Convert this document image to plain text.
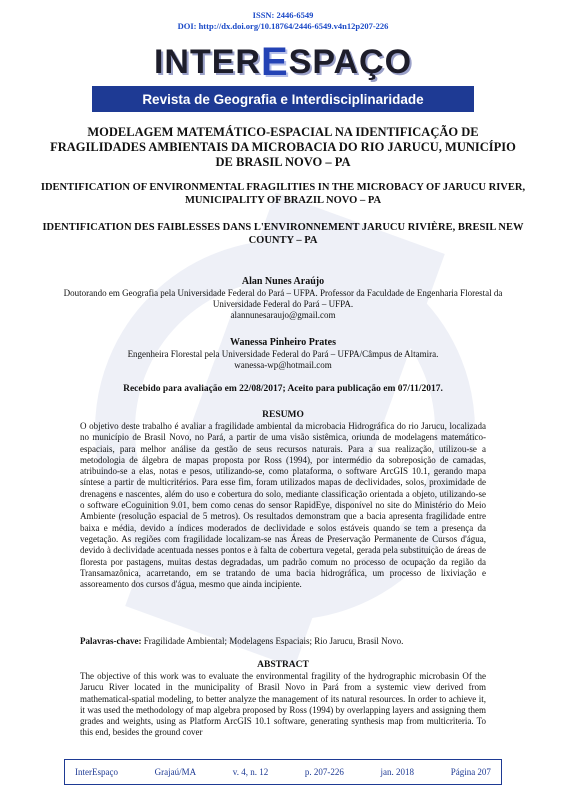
ISSN: 2446-6549
DOI: http://dx.doi.org/10.18764/2446-6549.v4n12p207-226
INTER E SPAÇO
Revista de Geografia e Interdisciplinaridade
MODELAGEM MATEMÁTICO-ESPACIAL NA IDENTIFICAÇÃO DE FRAGILIDADES AMBIENTAIS DA MICROBACIA DO RIO JARUCU, MUNICÍPIO DE BRASIL NOVO – PA
IDENTIFICATION OF ENVIRONMENTAL FRAGILITIES IN THE MICROBACY OF JARUCU RIVER, MUNICIPALITY OF BRAZIL NOVO – PA
IDENTIFICATION DES FAIBLESSES DANS L'ENVIRONNEMENT JARUCU RIVIÈRE, BRESIL NEW COUNTY – PA
Alan Nunes Araújo
Doutorando em Geografia pela Universidade Federal do Pará – UFPA. Professor da Faculdade de Engenharia Florestal da Universidade Federal do Pará – UFPA.
alannunesaraujo@gmail.com
Wanessa Pinheiro Prates
Engenheira Florestal pela Universidade Federal do Pará – UFPA/Câmpus de Altamira.
wanessa-wp@hotmail.com
Recebido para avaliação em 22/08/2017; Aceito para publicação em 07/11/2017.
RESUMO
O objetivo deste trabalho é avaliar a fragilidade ambiental da microbacia Hidrográfica do rio Jarucu, localizada no município de Brasil Novo, no Pará, a partir de uma visão sistêmica, oriunda de modelagens matemático-espaciais, para melhor análise da gestão de seus recursos naturais. Para a sua realização, utilizou-se a metodologia de álgebra de mapas proposta por Ross (1994), por intermédio da sobreposição de camadas, atribuindo-se a elas, notas e pesos, utilizando-se, como plataforma, o software ArcGIS 10.1, gerando mapa síntese a partir de multicritérios. Para esse fim, foram utilizados mapas de declividades, solos, proximidade de drenagens e nascentes, além do uso e cobertura do solo, mediante classificação orientada a objeto, utilizando-se o software eCoguinition 9.01, bem como cenas do sensor RapidEye, disponível no site do Ministério do Meio Ambiente (resolução espacial de 5 metros). Os resultados demonstram que a bacia apresenta fragilidade entre baixa e média, devido a índices moderados de declividade e solos estáveis quando se tem a presença da vegetação. As regiões com fragilidade localizam-se nas Áreas de Preservação Permanente de Cursos d'água, devido à declividade acentuada nesses pontos e à falta de cobertura vegetal, gerada pela substituição de áreas de floresta por pastagens, muitas destas degradadas, um padrão comum no processo de ocupação da região da Transamazônica, acarretando, em se tratando de uma bacia hidrográfica, um processo de lixiviação e assoreamento dos cursos d'água, mesmo que ainda incipiente.
Palavras-chave: Fragilidade Ambiental; Modelagens Espaciais; Rio Jarucu, Brasil Novo.
ABSTRACT
The objective of this work was to evaluate the environmental fragility of the hydrographic microbasin Of the Jarucu River located in the municipality of Brasil Novo in Pará from a systemic view derived from mathematical-spatial modeling, to better analyze the management of its natural resources. In order to achieve it, it was used the methodology of map algebra proposed by Ross (1994) by overlapping layers and assigning them grades and weights, using as Platform ArcGIS 10.1 software, generating synthesis map from multicriteria. To this end, besides the ground cover
InterEspaço	Grajaú/MA	v. 4, n. 12	p. 207-226	jan. 2018	Página 207
